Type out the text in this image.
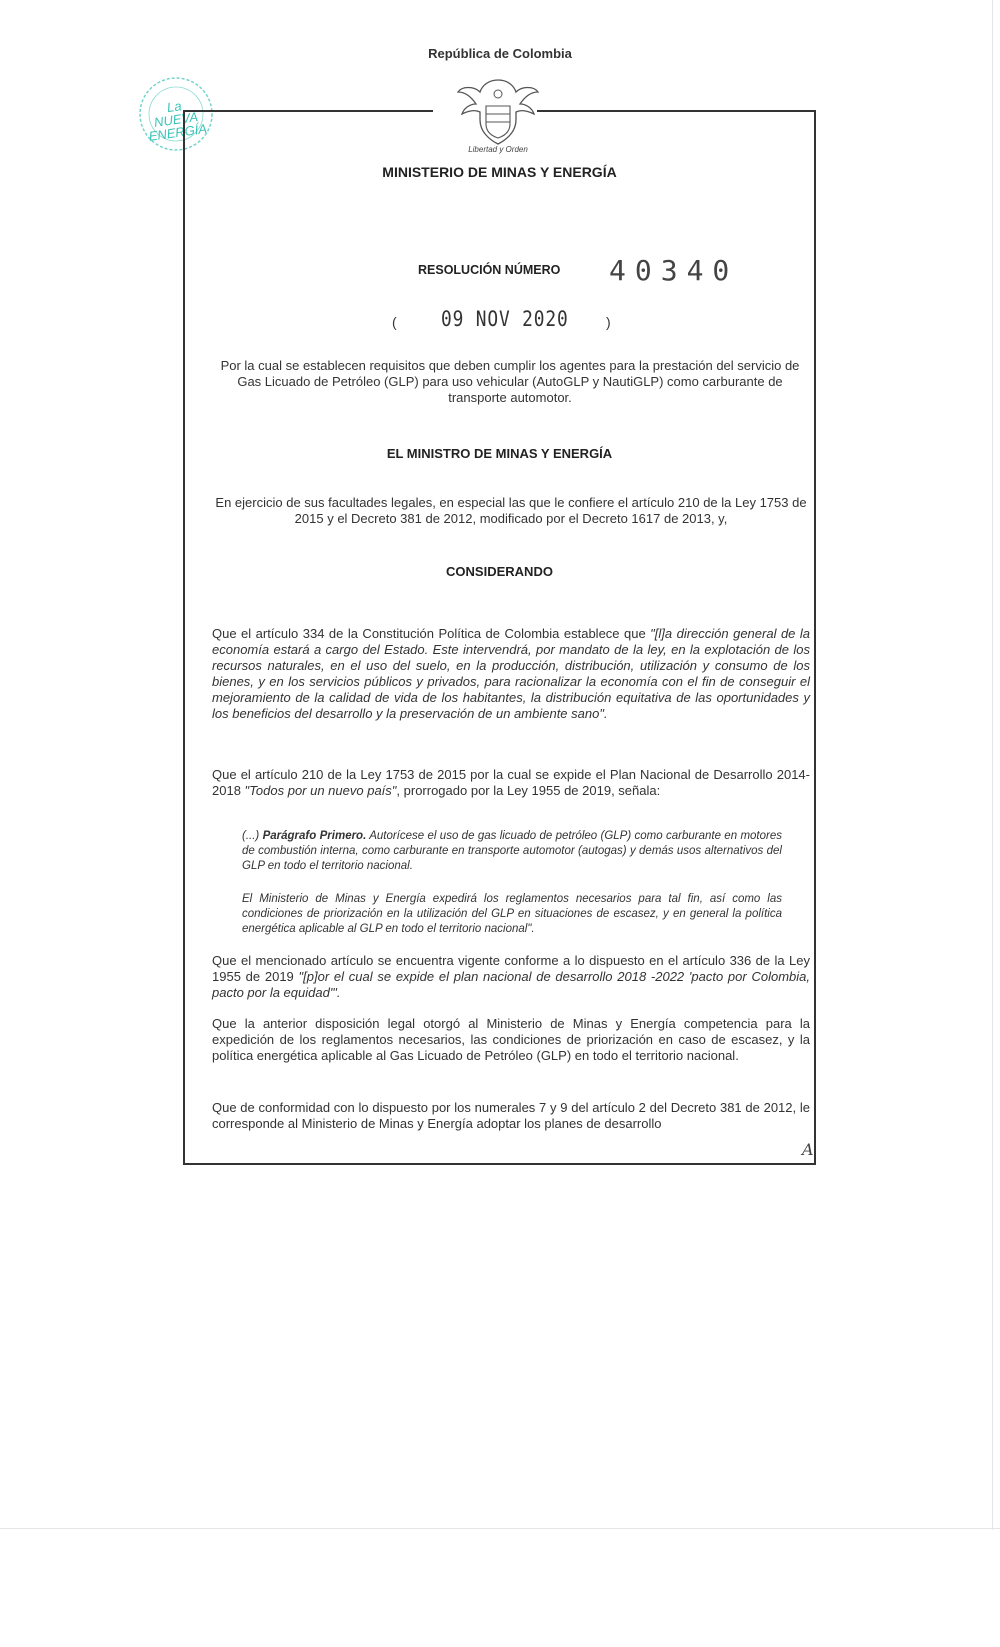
República de Colombia
La NUEVA ENERGÍA
Libertad y Orden
MINISTERIO DE MINAS Y ENERGÍA
RESOLUCIÓN NÚMERO 40340
( 09 NOV 2020	)

Por la cual se establecen requisitos que deben cumplir los agentes para la prestación del servicio de Gas Licuado de Petróleo (GLP) para uso vehicular (AutoGLP y NautiGLP) como carburante de transporte automotor.

EL MINISTRO DE MINAS Y ENERGÍA

En ejercicio de sus facultades legales, en especial las que le confiere el artículo 210 de la Ley 1753 de 2015 y el Decreto 381 de 2012, modificado por el Decreto 1617 de 2013, y,

CONSIDERANDO

Que el artículo 334 de la Constitución Política de Colombia establece que "[l]a dirección general de la economía estará a cargo del Estado. Este intervendrá, por mandato de la ley, en la explotación de los recursos naturales, en el uso del suelo, en la producción, distribución, utilización y consumo de los bienes, y en los servicios públicos y privados, para racionalizar la economía con el fin de conseguir el mejoramiento de la calidad de vida de los habitantes, la distribución equitativa de las oportunidades y los beneficios del desarrollo y la preservación de un ambiente sano".

Que el artículo 210 de la Ley 1753 de 2015 por la cual se expide el Plan Nacional de Desarrollo 2014-2018 "Todos por un nuevo país", prorrogado por la Ley 1955 de 2019, señala:

(...) Parágrafo Primero. Autorícese el uso de gas licuado de petróleo (GLP) como carburante en motores de combustión interna, como carburante en transporte automotor (autogas) y demás usos alternativos del GLP en todo el territorio nacional.

El Ministerio de Minas y Energía expedirá los reglamentos necesarios para tal fin, así como las condiciones de priorización en la utilización del GLP en situaciones de escasez, y en general la política energética aplicable al GLP en todo el territorio nacional".

Que el mencionado artículo se encuentra vigente conforme a lo dispuesto en el artículo 336 de la Ley 1955 de 2019 "[p]or el cual se expide el plan nacional de desarrollo 2018 -2022 'pacto por Colombia, pacto por la equidad'".

Que la anterior disposición legal otorgó al Ministerio de Minas y Energía competencia para la expedición de los reglamentos necesarios, las condiciones de priorización en caso de escasez, y la política energética aplicable al Gas Licuado de Petróleo (GLP) en todo el territorio nacional.

Que de conformidad con lo dispuesto por los numerales 7 y 9 del artículo 2 del Decreto 381 de 2012, le corresponde al Ministerio de Minas y Energía adoptar los planes de desarrollo

A
